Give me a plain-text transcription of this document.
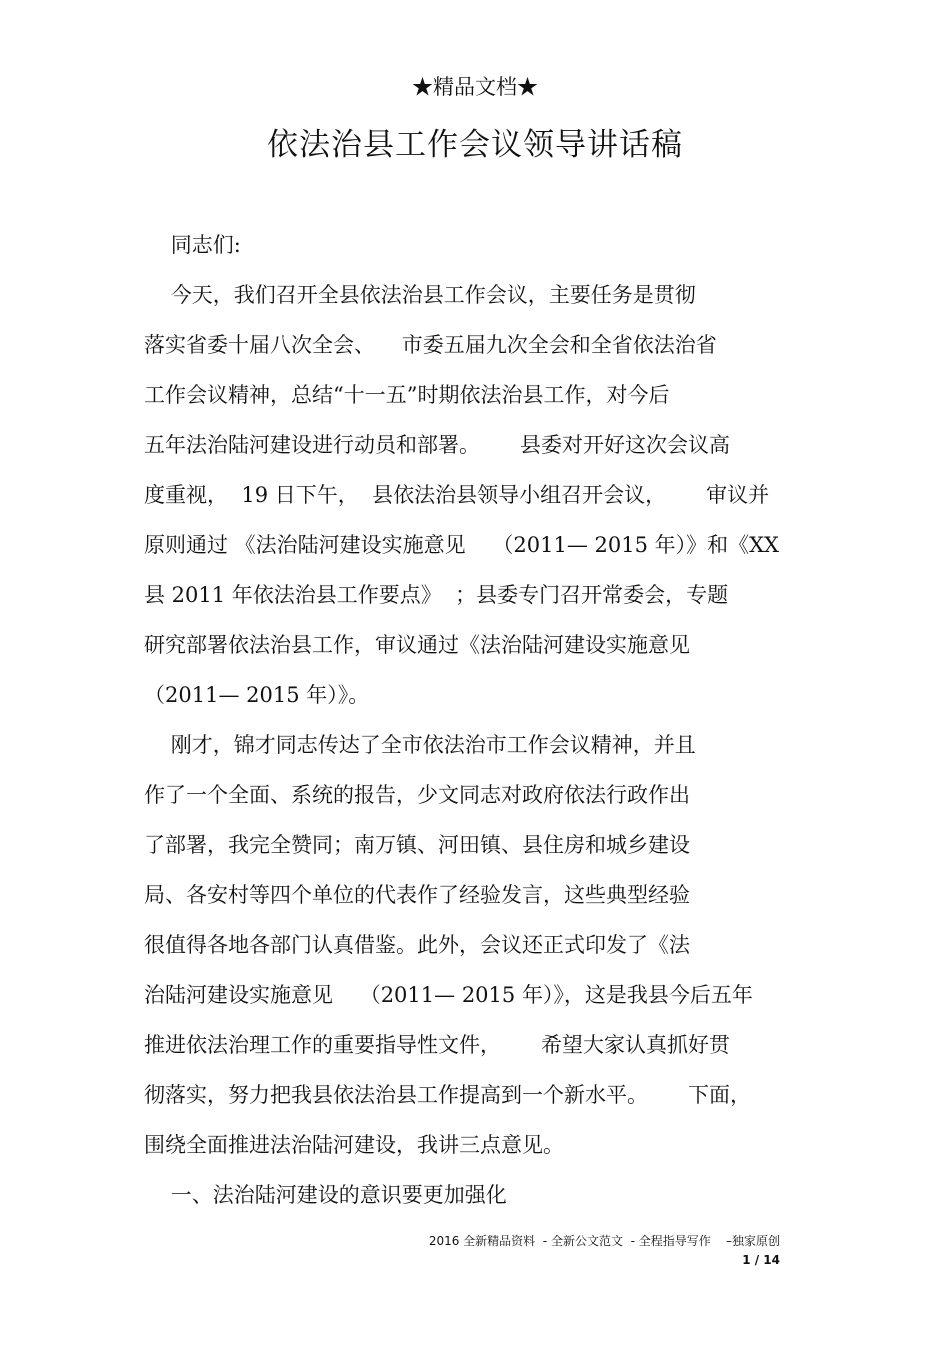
★精品文档★
依法治县工作会议领导讲话稿
同志们:
今天，我们召开全县依法治县工作会议，主要任务是贯彻
落实省委十届八次全会、    市委五届九次全会和全省依法治省
工作会议精神，总结“十一五”时期依法治县工作，对今后
五年法治陆河建设进行动员和部署。      县委对开好这次会议高
度重视，  19 日下午，  县依法治县领导小组召开会议，      审议并
原则通过 《法治陆河建设实施意见    （2011— 2015 年）》和《XX
县 2011 年依法治县工作要点》  ；县委专门召开常委会，专题
研究部署依法治县工作，审议通过《法治陆河建设实施意见
（2011— 2015 年）》。
刚才，锦才同志传达了全市依法治市工作会议精神，并且
作了一个全面、系统的报告，少文同志对政府依法行政作出
了部署，我完全赞同；南万镇、河田镇、县住房和城乡建设
局、各安村等四个单位的代表作了经验发言，这些典型经验
很值得各地各部门认真借鉴。此外，会议还正式印发了《法
治陆河建设实施意见    （2011— 2015 年）》，这是我县今后五年
推进依法治理工作的重要指导性文件，      希望大家认真抓好贯
彻落实，努力把我县依法治县工作提高到一个新水平。      下面，
围绕全面推进法治陆河建设，我讲三点意见。
一、法治陆河建设的意识要更加强化
2016 全新精品资料  - 全新公文范文  - 全程指导写作    –独家原创
1 / 14
